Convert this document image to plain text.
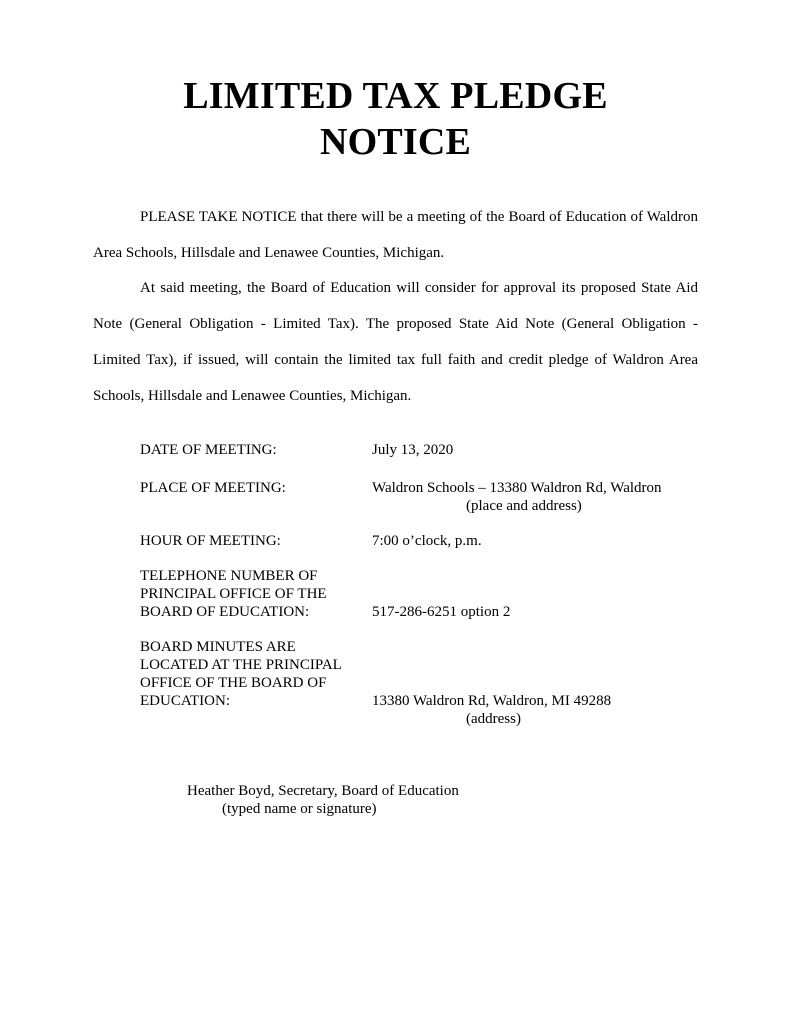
LIMITED TAX PLEDGE
NOTICE
PLEASE TAKE NOTICE that there will be a meeting of the Board of Education of Waldron Area Schools, Hillsdale and Lenawee Counties, Michigan.
At said meeting, the Board of Education will consider for approval its proposed State Aid Note (General Obligation - Limited Tax). The proposed State Aid Note (General Obligation - Limited Tax), if issued, will contain the limited tax full faith and credit pledge of Waldron Area Schools, Hillsdale and Lenawee Counties, Michigan.
DATE OF MEETING:	July 13, 2020
PLACE OF MEETING:	Waldron Schools – 13380 Waldron Rd, Waldron
(place and address)
HOUR OF MEETING:	7:00 o’clock, p.m.
TELEPHONE NUMBER OF
PRINCIPAL OFFICE OF THE
BOARD OF EDUCATION:	517-286-6251 option 2
BOARD MINUTES ARE
LOCATED AT THE PRINCIPAL
OFFICE OF THE BOARD OF
EDUCATION:	13380 Waldron Rd, Waldron, MI 49288
(address)
Heather Boyd, Secretary, Board of Education
(typed name or signature)
